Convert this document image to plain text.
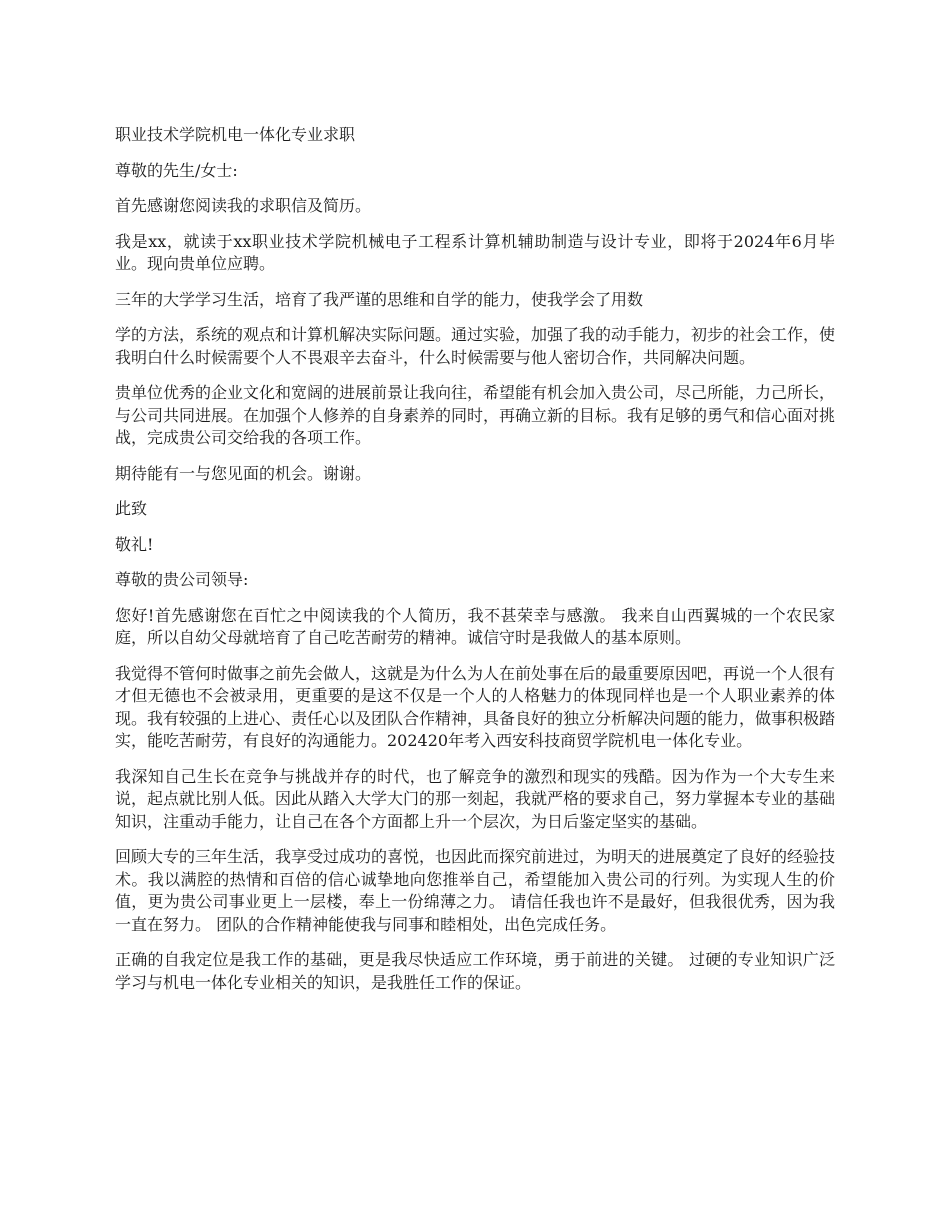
职业技术学院机电一体化专业求职

尊敬的先生/女士:

首先感谢您阅读我的求职信及简历。

我是xx，就读于xx职业技术学院机械电子工程系计算机辅助制造与设计专业，即将于2024年6月毕业。现向贵单位应聘。

三年的大学学习生活，培育了我严谨的思维和自学的能力，使我学会了用数

学的方法，系统的观点和计算机解决实际问题。通过实验，加强了我的动手能力，初步的社会工作，使我明白什么时候需要个人不畏艰辛去奋斗，什么时候需要与他人密切合作，共同解决问题。

贵单位优秀的企业文化和宽阔的进展前景让我向往，希望能有机会加入贵公司，尽己所能，力己所长，与公司共同进展。在加强个人修养的自身素养的同时，再确立新的目标。我有足够的勇气和信心面对挑战，完成贵公司交给我的各项工作。

期待能有一与您见面的机会。谢谢。

此致

敬礼!

尊敬的贵公司领导:

您好!首先感谢您在百忙之中阅读我的个人简历，我不甚荣幸与感激。 我来自山西翼城的一个农民家庭，所以自幼父母就培育了自己吃苦耐劳的精神。诚信守时是我做人的基本原则。

我觉得不管何时做事之前先会做人，这就是为什么为人在前处事在后的最重要原因吧，再说一个人很有才但无德也不会被录用，更重要的是这不仅是一个人的人格魅力的体现同样也是一个人职业素养的体现。我有较强的上进心、责任心以及团队合作精神，具备良好的独立分析解决问题的能力，做事积极踏实，能吃苦耐劳，有良好的沟通能力。202420年考入西安科技商贸学院机电一体化专业。

我深知自己生长在竞争与挑战并存的时代，也了解竞争的激烈和现实的残酷。因为作为一个大专生来说，起点就比别人低。因此从踏入大学大门的那一刻起，我就严格的要求自己，努力掌握本专业的基础知识，注重动手能力，让自己在各个方面都上升一个层次，为日后鉴定坚实的基础。

回顾大专的三年生活，我享受过成功的喜悦，也因此而探究前进过，为明天的进展奠定了良好的经验技术。我以满腔的热情和百倍的信心诚挚地向您推举自己，希望能加入贵公司的行列。为实现人生的价值，更为贵公司事业更上一层楼，奉上一份绵薄之力。 请信任我也许不是最好，但我很优秀，因为我一直在努力。 团队的合作精神能使我与同事和睦相处，出色完成任务。

正确的自我定位是我工作的基础，更是我尽快适应工作环境，勇于前进的关键。 过硬的专业知识广泛学习与机电一体化专业相关的知识，是我胜任工作的保证。
